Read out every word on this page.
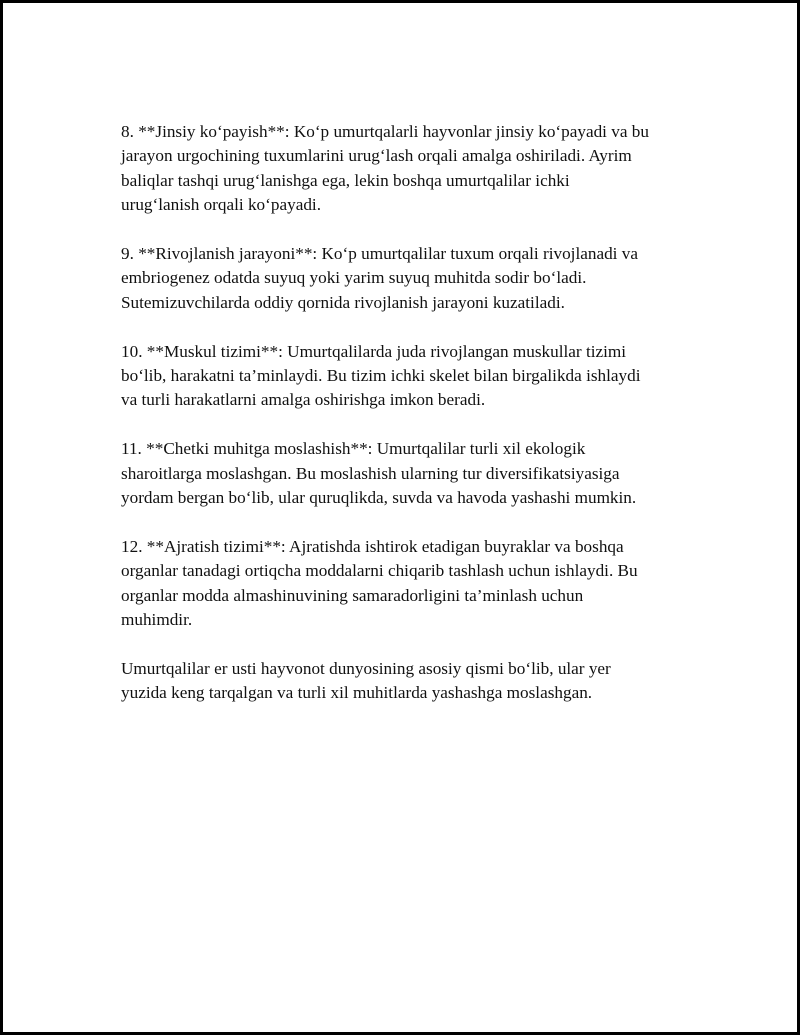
8. **Jinsiy ko‘payish**: Ko‘p umurtqalarli hayvonlar jinsiy ko‘payadi va bu
jarayon urgochining tuxumlarini urug‘lash orqali amalga oshiriladi. Ayrim
baliqlar tashqi urug‘lanishga ega, lekin boshqa umurtqalilar ichki
urug‘lanish orqali ko‘payadi.

9. **Rivojlanish jarayoni**: Ko‘p umurtqalilar tuxum orqali rivojlanadi va
embriogenez odatda suyuq yoki yarim suyuq muhitda sodir bo‘ladi.
Sutemizuvchilarda oddiy qornida rivojlanish jarayoni kuzatiladi.

10. **Muskul tizimi**: Umurtqalilarda juda rivojlangan muskullar tizimi
bo‘lib, harakatni ta’minlaydi. Bu tizim ichki skelet bilan birgalikda ishlaydi
va turli harakatlarni amalga oshirishga imkon beradi.

11. **Chetki muhitga moslashish**: Umurtqalilar turli xil ekologik
sharoitlarga moslashgan. Bu moslashish ularning tur diversifikatsiyasiga
yordam bergan bo‘lib, ular quruqlikda, suvda va havoda yashashi mumkin.

12. **Ajratish tizimi**: Ajratishda ishtirok etadigan buyraklar va boshqa
organlar tanadagi ortiqcha moddalarni chiqarib tashlash uchun ishlaydi. Bu
organlar modda almashinuvining samaradorligini ta’minlash uchun
muhimdir.

Umurtqalilar er usti hayvonot dunyosining asosiy qismi bo‘lib, ular yer
yuzida keng tarqalgan va turli xil muhitlarda yashashga moslashgan.
